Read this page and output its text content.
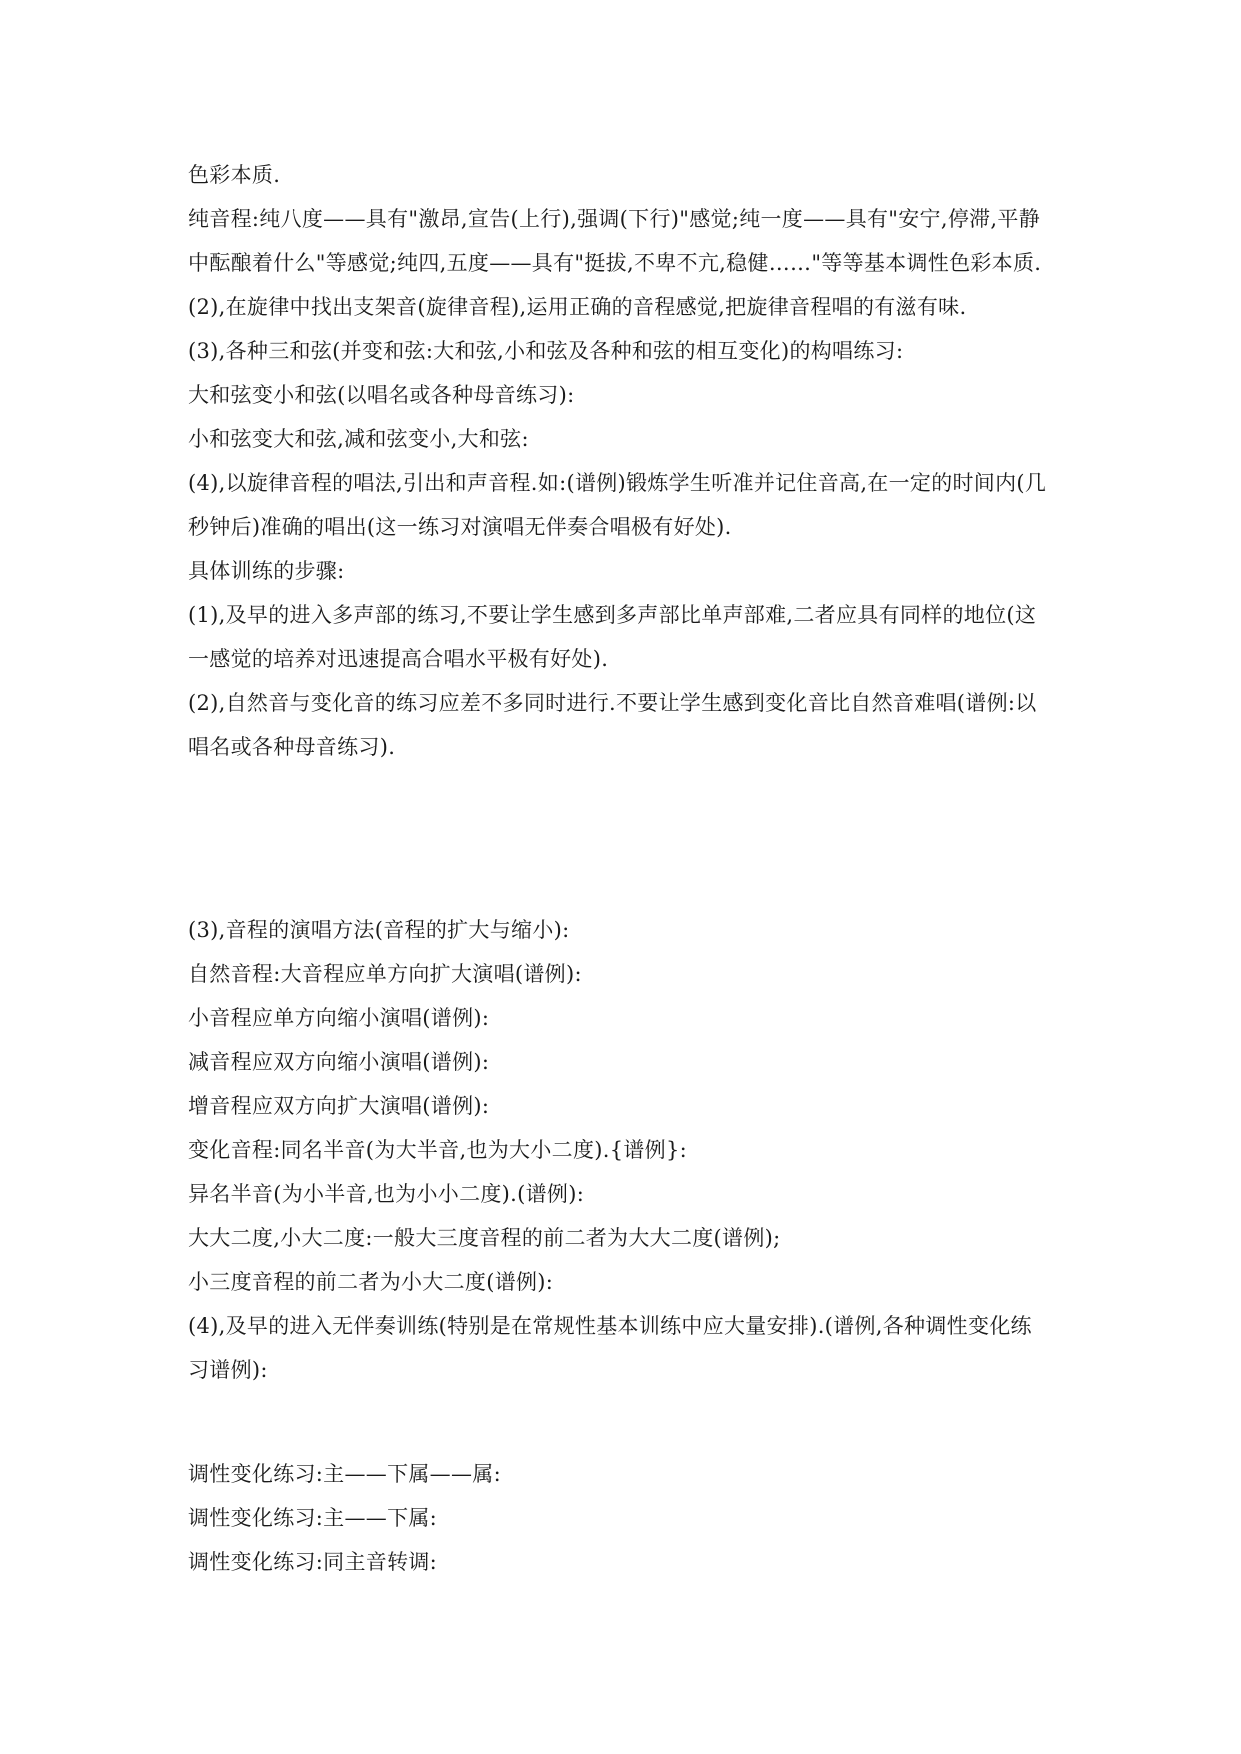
色彩本质.
纯音程:纯八度——具有"激昂,宣告(上行),强调(下行)"感觉;纯一度——具有"安宁,停滞,平静
中酝酿着什么"等感觉;纯四,五度——具有"挺拔,不卑不亢,稳健……"等等基本调性色彩本质.
(2),在旋律中找出支架音(旋律音程),运用正确的音程感觉,把旋律音程唱的有滋有味.
(3),各种三和弦(并变和弦:大和弦,小和弦及各种和弦的相互变化)的构唱练习:
大和弦变小和弦(以唱名或各种母音练习):
小和弦变大和弦,减和弦变小,大和弦:
(4),以旋律音程的唱法,引出和声音程.如:(谱例)锻炼学生听准并记住音高,在一定的时间内(几
秒钟后)准确的唱出(这一练习对演唱无伴奏合唱极有好处).
具体训练的步骤:
(1),及早的进入多声部的练习,不要让学生感到多声部比单声部难,二者应具有同样的地位(这
一感觉的培养对迅速提高合唱水平极有好处).
(2),自然音与变化音的练习应差不多同时进行.不要让学生感到变化音比自然音难唱(谱例:以
唱名或各种母音练习).
(3),音程的演唱方法(音程的扩大与缩小):
自然音程:大音程应单方向扩大演唱(谱例):
小音程应单方向缩小演唱(谱例):
减音程应双方向缩小演唱(谱例):
增音程应双方向扩大演唱(谱例):
变化音程:同名半音(为大半音,也为大小二度).{谱例}:
异名半音(为小半音,也为小小二度).(谱例):
大大二度,小大二度:一般大三度音程的前二者为大大二度(谱例);
小三度音程的前二者为小大二度(谱例):
(4),及早的进入无伴奏训练(特别是在常规性基本训练中应大量安排).(谱例,各种调性变化练
习谱例):
调性变化练习:主——下属——属:
调性变化练习:主——下属:
调性变化练习:同主音转调:
